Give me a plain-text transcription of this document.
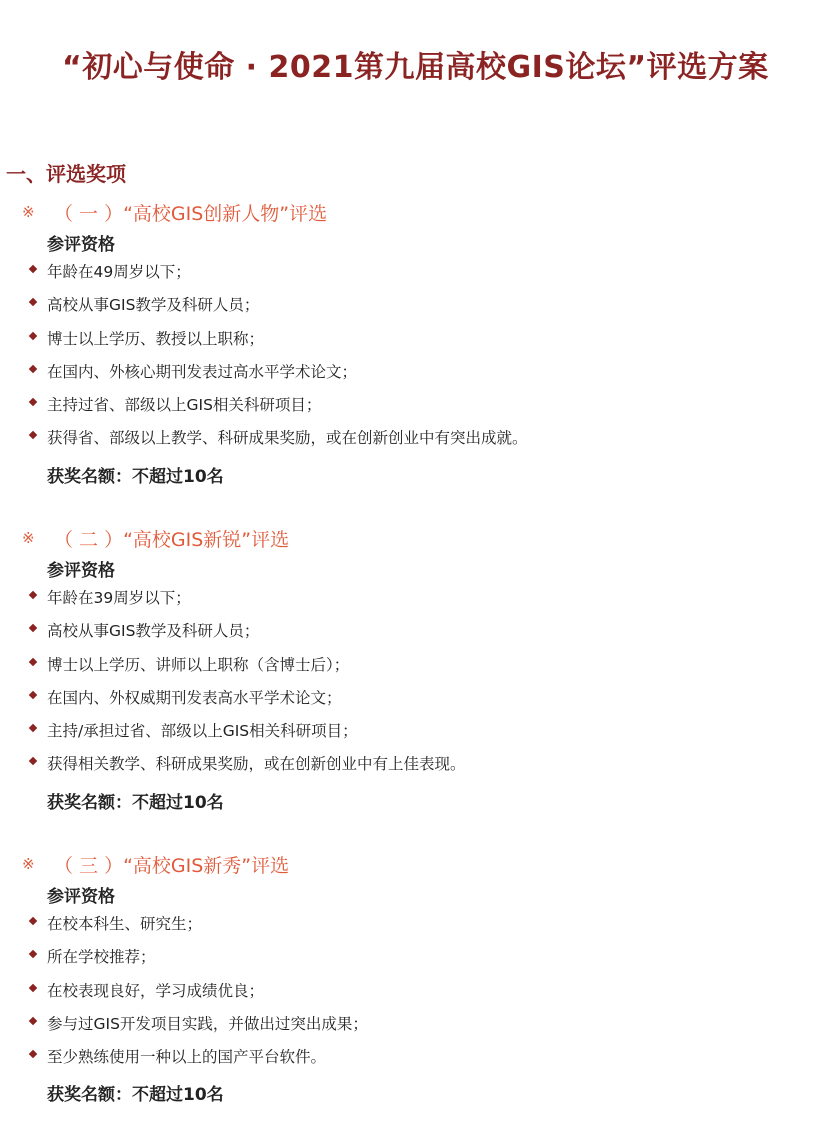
“初心与使命 · 2021第九届高校GIS论坛”评选方案
一、评选奖项
※	（ 一 ）“高校GIS创新人物”评选
参评资格
年龄在49周岁以下；
高校从事GIS教学及科研人员；
博士以上学历、教授以上职称；
在国内、外核心期刊发表过高水平学术论文；
主持过省、部级以上GIS相关科研项目；
获得省、部级以上教学、科研成果奖励，或在创新创业中有突出成就。
获奖名额：不超过10名
※	（ 二 ）“高校GIS新锐”评选
参评资格
年龄在39周岁以下；
高校从事GIS教学及科研人员；
博士以上学历、讲师以上职称（含博士后）；
在国内、外权威期刊发表高水平学术论文；
主持/承担过省、部级以上GIS相关科研项目；
获得相关教学、科研成果奖励，或在创新创业中有上佳表现。
获奖名额：不超过10名
※	（ 三 ）“高校GIS新秀”评选
参评资格
在校本科生、研究生；
所在学校推荐；
在校表现良好，学习成绩优良；
参与过GIS开发项目实践，并做出过突出成果；
至少熟练使用一种以上的国产平台软件。
获奖名额：不超过10名
